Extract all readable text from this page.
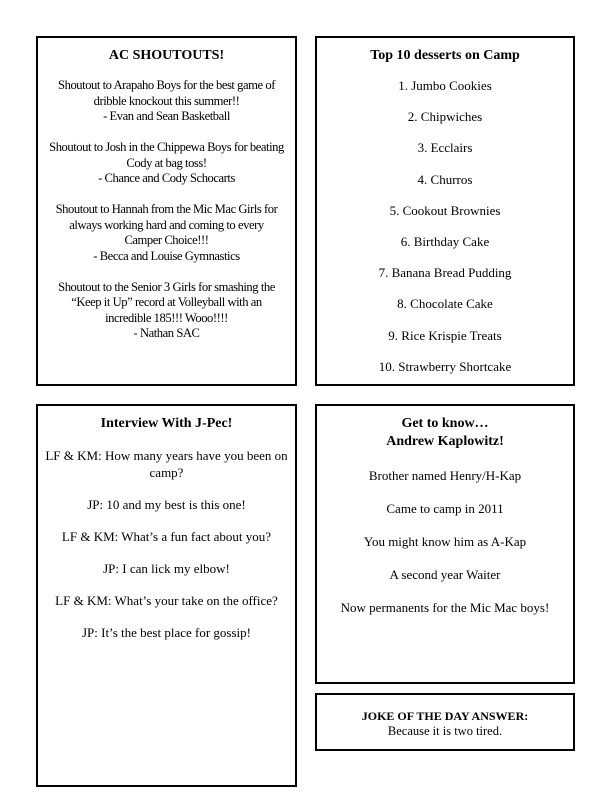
AC SHOUTOUTS!

Shoutout to Arapaho Boys for the best game of

dribble knockout this summer!!

- Evan and Sean Basketball

Shoutout to Josh in the Chippewa Boys for beating

Cody at bag toss!

- Chance and Cody Schocarts

Shoutout to Hannah from the Mic Mac Girls for

always working hard and coming to every

Camper Choice!!!

- Becca and Louise Gymnastics

Shoutout to the Senior 3 Girls for smashing the

“Keep it Up” record at Volleyball with an

incredible 185!!! Wooo!!!!

- Nathan SAC

Top 10 desserts on Camp
1. Jumbo Cookies
2. Chipwiches
3. Ecclairs
4. Churros
5. Cookout Brownies
6. Birthday Cake
7. Banana Bread Pudding
8. Chocolate Cake
9. Rice Krispie Treats
10. Strawberry Shortcake
Interview With J-Pec!
LF & KM: How many years have you been on camp?
JP: 10 and my best is this one!
LF & KM: What’s a fun fact about you?
JP: I can lick my elbow!
LF & KM: What’s your take on the office?
JP: It’s the best place for gossip!
Get to know…
Andrew Kaplowitz!
Brother named Henry/H-Kap
Came to camp in 2011
You might know him as A-Kap
A second year Waiter
Now permanents for the Mic Mac boys!
JOKE OF THE DAY ANSWER:
Because it is two tired.
